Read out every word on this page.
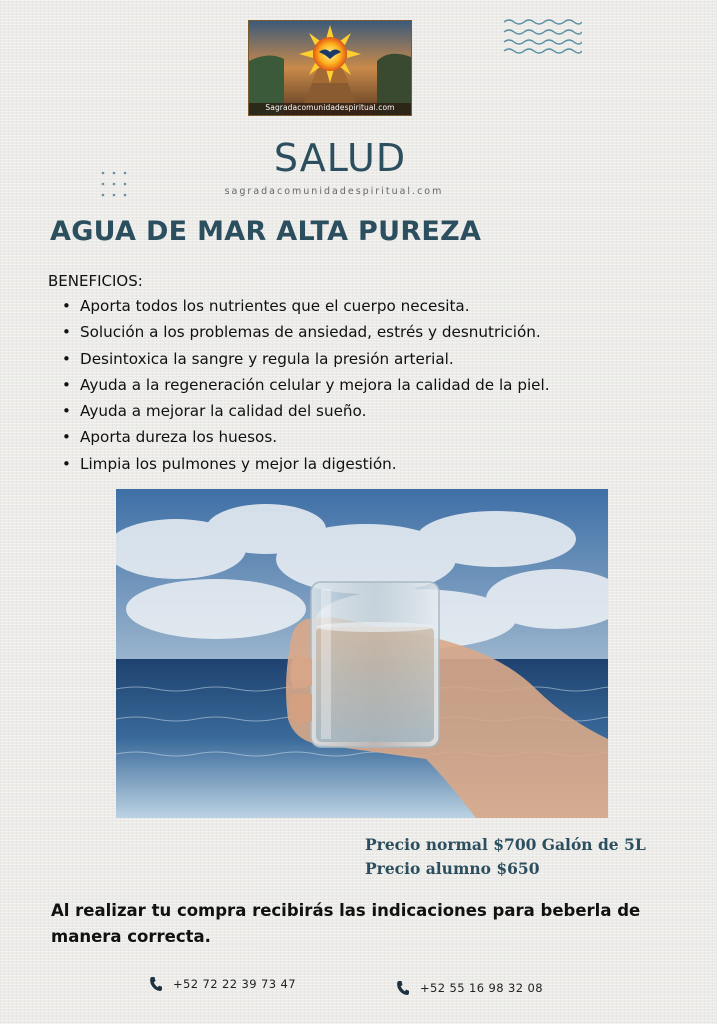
Sagradacomunidadespiritual.com
SALUD
sagradacomunidadespiritual.com
AGUA DE MAR ALTA PUREZA
BENEFICIOS:
• Aporta todos los nutrientes que el cuerpo necesita.
• Solución a los problemas de ansiedad, estrés y desnutrición.
• Desintoxica la sangre y regula la presión arterial.
• Ayuda a la regeneración celular y mejora la calidad de la piel.
• Ayuda a mejorar la calidad del sueño.
• Aporta dureza los huesos.
• Limpia los pulmones y mejor la digestión.
Precio normal $700 Galón de 5L
Precio alumno $650
Al realizar tu compra recibirás las indicaciones para beberla de manera correcta.
+52 72 22 39 73 47	+52 55 16 98 32 08
